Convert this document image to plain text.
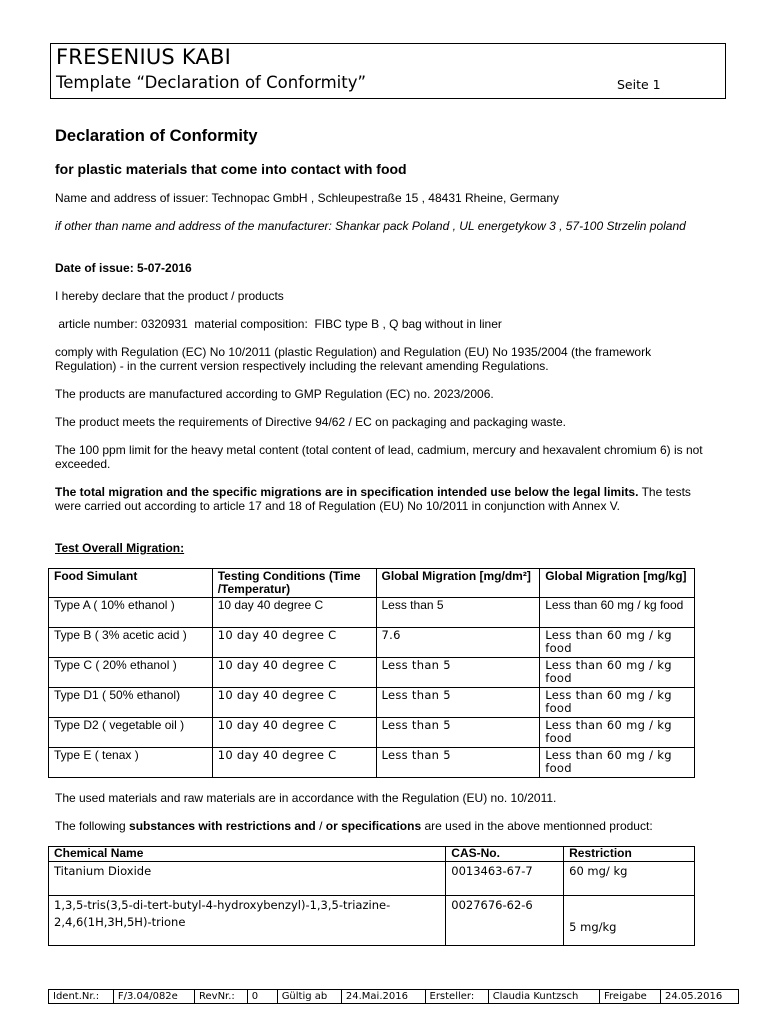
FRESENIUS KABI
Template “Declaration of Conformity”	Seite 1
Declaration of Conformity
for plastic materials that come into contact with food
Name and address of issuer: Technopac GmbH , Schleupestraße 15 , 48431 Rheine, Germany
if other than name and address of the manufacturer: Shankar pack Poland , UL energetykow 3 , 57-100 Strzelin poland
Date of issue: 5-07-2016
I hereby declare that the product / products
article number: 0320931  material composition:  FIBC type B , Q bag without in liner
comply with Regulation (EC) No 10/2011 (plastic Regulation) and Regulation (EU) No 1935/2004 (the framework Regulation) - in the current version respectively including the relevant amending Regulations.
The products are manufactured according to GMP Regulation (EC) no. 2023/2006.
The product meets the requirements of Directive 94/62 / EC on packaging and packaging waste.
The 100 ppm limit for the heavy metal content (total content of lead, cadmium, mercury and hexavalent chromium 6) is not exceeded.
The total migration and the specific migrations are in specification intended use below the legal limits. The tests were carried out according to article 17 and 18 of Regulation (EU) No 10/2011 in conjunction with Annex V.
Test Overall Migration:
Food Simulant	Testing Conditions (Time /Temperatur)	Global Migration [mg/dm²]	Global Migration [mg/kg]
Type A ( 10% ethanol )	10 day 40 degree C	Less than 5	Less than 60 mg / kg food
Type B ( 3% acetic acid )	10 day 40 degree C	7.6	Less than 60 mg / kg food
Type C ( 20% ethanol )	10 day 40 degree C	Less than 5	Less than 60 mg / kg food
Type D1 ( 50% ethanol)	10 day 40 degree C	Less than 5	Less than 60 mg / kg food
Type D2 ( vegetable oil )	10 day 40 degree C	Less than 5	Less than 60 mg / kg food
Type E ( tenax )	10 day 40 degree C	Less than 5	Less than 60 mg / kg food
The used materials and raw materials are in accordance with the Regulation (EU) no. 10/2011.
The following substances with restrictions and / or specifications are used in the above mentionned product:
Chemical Name	CAS-No.	Restriction
Titanium Dioxide	0013463-67-7	60 mg/ kg
1,3,5-tris(3,5-di-tert-butyl-4-hydroxybenzyl)-1,3,5-triazine-2,4,6(1H,3H,5H)-trione	0027676-62-6	5 mg/kg
Ident.Nr.:	F/3.04/082e	RevNr.:	0	Gültig ab	24.Mai.2016	Ersteller:	Claudia Kuntzsch	Freigabe	24.05.2016
